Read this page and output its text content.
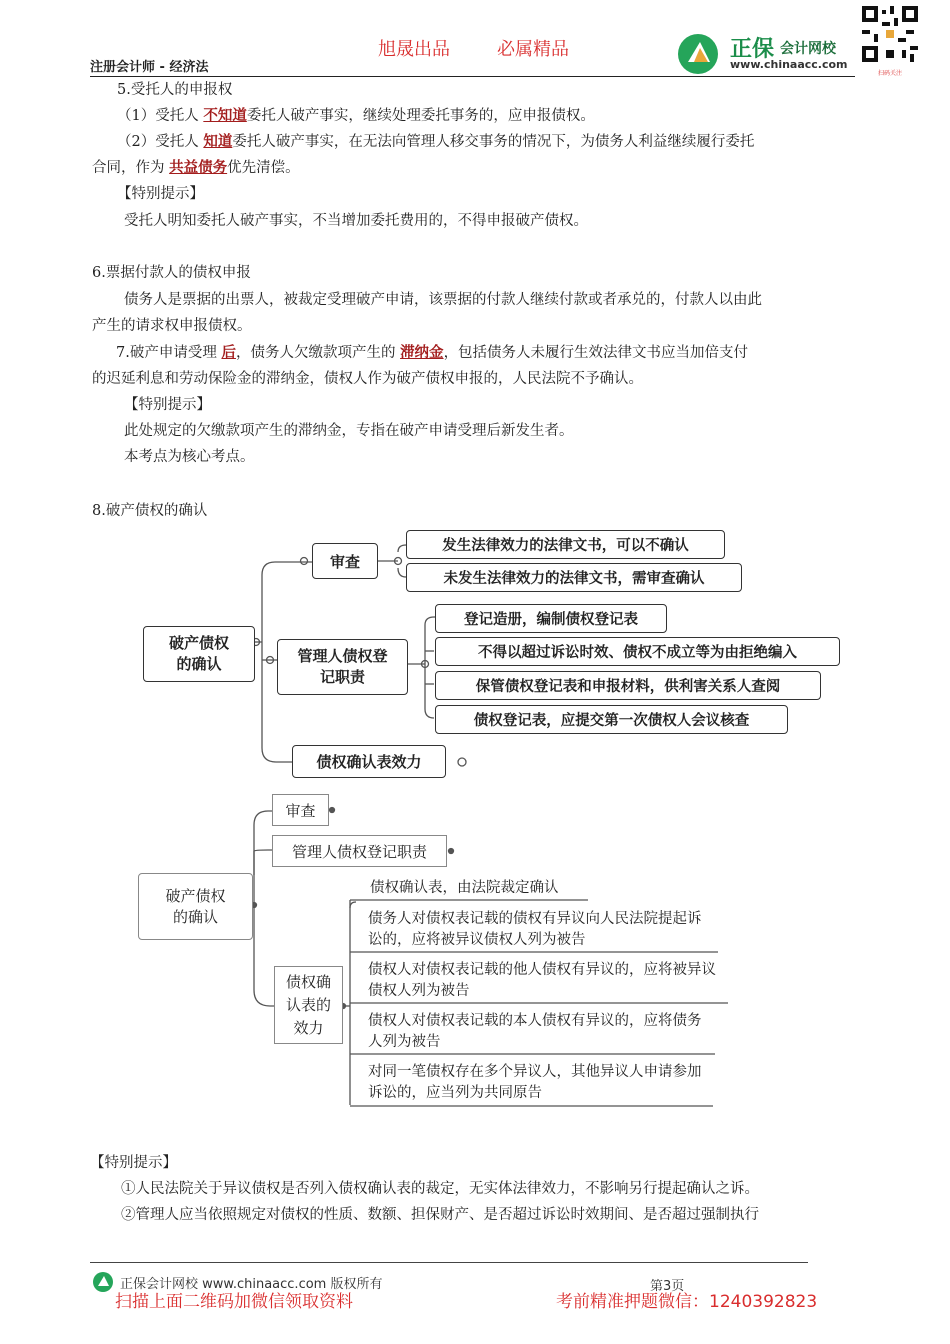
旭晟出品	必属精品
注册会计师 - 经济法
正保 会计网校
www.chinaacc.com
扫码关注
5.受托人的申报权
（1）受托人 不知道委托人破产事实，继续处理委托事务的，应申报债权。
（2）受托人 知道委托人破产事实，在无法向管理人移交事务的情况下，为债务人利益继续履行委托
合同，作为 共益债务优先清偿。
【特别提示】
受托人明知委托人破产事实，不当增加委托费用的，不得申报破产债权。
6.票据付款人的债权申报
债务人是票据的出票人，被裁定受理破产申请，该票据的付款人继续付款或者承兑的，付款人以由此
产生的请求权申报债权。
7.破产申请受理 后，债务人欠缴款项产生的 滞纳金，包括债务人未履行生效法律文书应当加倍支付
的迟延利息和劳动保险金的滞纳金，债权人作为破产债权申报的，人民法院不予确认。
【特别提示】
此处规定的欠缴款项产生的滞纳金，专指在破产申请受理后新发生者。
本考点为核心考点。
8.破产债权的确认
破产债权的确认
审查
发生法律效力的法律文书，可以不确认
未发生法律效力的法律文书，需审查确认
管理人债权登记职责
登记造册，编制债权登记表
不得以超过诉讼时效、债权不成立等为由拒绝编入
保管债权登记表和申报材料，供利害关系人查阅
债权登记表，应提交第一次债权人会议核查
债权确认表效力
破产债权的确认
审查
管理人债权登记职责
债权确认表的效力
债权确认表，由法院裁定确认
债务人对债权表记载的债权有异议向人民法院提起诉讼的，应将被异议债权人列为被告
债权人对债权表记载的他人债权有异议的，应将被异议债权人列为被告
债权人对债权表记载的本人债权有异议的，应将债务人列为被告
对同一笔债权存在多个异议人，其他异议人申请参加诉讼的，应当列为共同原告
【特别提示】
①人民法院关于异议债权是否列入债权确认表的裁定，无实体法律效力，不影响另行提起确认之诉。
②管理人应当依照规定对债权的性质、数额、担保财产、是否超过诉讼时效期间、是否超过强制执行
正保会计网校 www.chinaacc.com 版权所有	第3页
扫描上面二维码加微信领取资料	考前精准押题微信：1240392823
